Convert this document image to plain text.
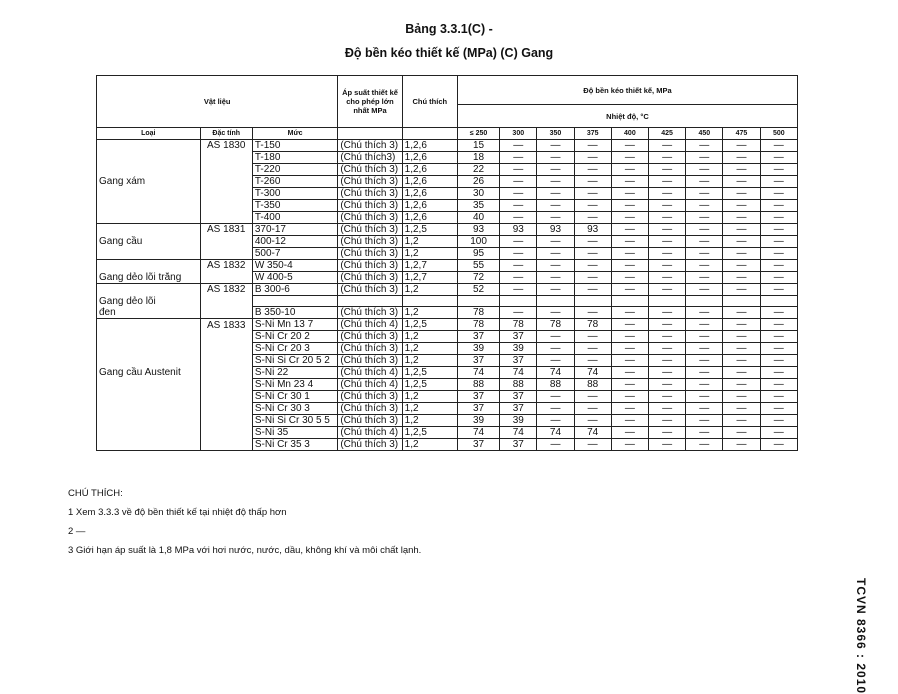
Bảng 3.3.1(C) -
Độ bền kéo thiết kế (MPa) (C) Gang
Vật liệu			Áp suất thiết kế cho phép lớn nhất MPa	Chú thích	Độ bền kéo thiết kế, MPa								
					Nhiệt độ, °C								
Loại	Đặc tính	Mức			≤ 250	300	350	375	400	425	450	475	500
	AS 1830	T-150	(Chú thích 3)	1,2,6	15	—	—	—	—	—	—	—	—
		T-180	(Chú thích3)	1,2,6	18	—	—	—	—	—	—	—	—
		T-220	(Chú thích 3)	1,2,6	22	—	—	—	—	—	—	—	—
Gang xám		T-260	(Chú thích 3)	1,2,6	26	—	—	—	—	—	—	—	—
		T-300	(Chú thích 3)	1,2,6	30	—	—	—	—	—	—	—	—
		T-350	(Chú thích 3)	1,2,6	35	—	—	—	—	—	—	—	—
		T-400	(Chú thích 3)	1,2,6	40	—	—	—	—	—	—	—	—
	AS 1831	370-17	(Chú thích 3)	1,2,5	93	93	93	93	—	—	—	—	—
Gang cầu		400-12	(Chú thích 3)	1,2	100	—	—	—	—	—	—	—	—
		500-7	(Chú thích 3)	1,2	95	—	—	—	—	—	—	—	—
	AS 1832	W 350-4	(Chú thích 3)	1,2,7	55	—	—	—	—	—	—	—	—
Gang dẻo lõi trắng		W 400-5	(Chú thích 3)	1,2,7	72	—	—	—	—	—	—	—	—
	AS 1832	B 300-6	(Chú thích 3)	1,2	52	—	—	—	—	—	—	—	—
Gang dẻo lõi													
đen		B 350-10	(Chú thích 3)	1,2	78	—	—	—	—	—	—	—	—
	AS 1833	S-Ni Mn 13 7	(Chú thích 4)	1,2,5	78	78	78	78	—	—	—	—	—
		S-Ni Cr 20 2	(Chú thích 3)	1,2	37	37	—	—	—	—	—	—	—
		S-Ni Cr 20 3	(Chú thích 3)	1,2	39	39	—	—	—	—	—	—	—
		S-Ni Si Cr 20 5 2	(Chú thích 3)	1,2	37	37	—	—	—	—	—	—	—
Gang cầu Austenit		S-Ni 22	(Chú thích 4)	1,2,5	74	74	74	74	—	—	—	—	—
		S-Ni Mn 23 4	(Chú thích 4)	1,2,5	88	88	88	88	—	—	—	—	—
		S-Ni Cr 30 1	(Chú thích 3)	1,2	37	37	—	—	—	—	—	—	—
		S-Ni Cr 30 3	(Chú thích 3)	1,2	37	37	—	—	—	—	—	—	—
		S-Ni Si Cr 30 5 5	(Chú thích 3)	1,2	39	39	—	—	—	—	—	—	—
		S-Ni 35	(Chú thích 4)	1,2,5	74	74	74	74	—	—	—	—	—
		S-Ni Cr 35 3	(Chú thích 3)	1,2	37	37	—	—	—	—	—	—	—
CHÚ THÍCH:
1 Xem 3.3.3 về độ bền thiết kế tại nhiệt độ thấp hơn
2 —
3 Giới hạn áp suất là 1,8 MPa với hơi nước, nước, dầu, không khí và môi chất lạnh.
TCVN 8366 : 2010
